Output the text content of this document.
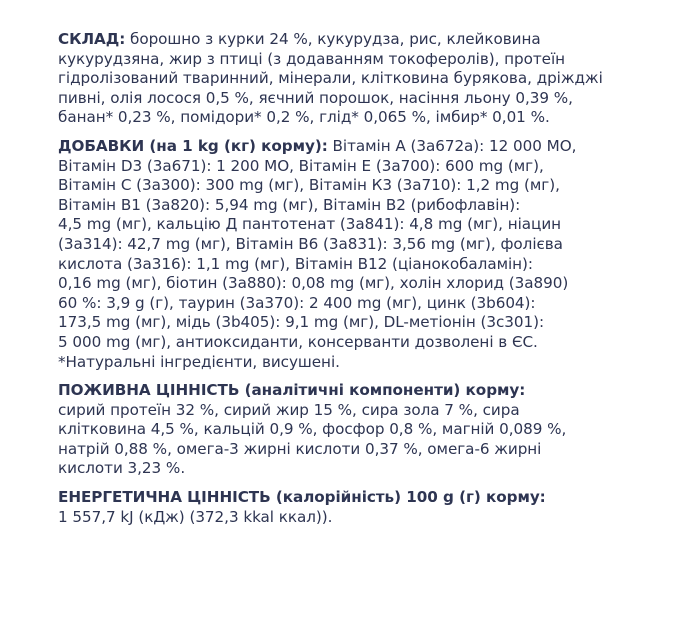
СКЛАД: борошно з курки 24 %, кукурудза, рис, клейковина
кукурудзяна, жир з птиці (з додаванням токоферолів), протеїн
гідролізований тваринний, мінерали, клітковина бурякова, дріжджі
пивні, олія лосося 0,5 %, яєчний порошок, насіння льону 0,39 %,
банан* 0,23 %, помідори* 0,2 %, глід* 0,065 %, імбир* 0,01 %.

ДОБАВКИ (на 1 kg (кг) корму): Вітамін А (3а672а): 12 000 МО,
Вітамін D3 (3а671): 1 200 МО, Вітамін Е (3а700): 600 mg (мг),
Вітамін С (3а300): 300 mg (мг), Вітамін К3 (3а710): 1,2 mg (мг),
Вітамін В1 (3а820): 5,94 mg (мг), Вітамін В2 (рибофлавін):
4,5 mg (мг), кальцію Д пантотенат (3а841): 4,8 mg (мг), ніацин
(3а314): 42,7 mg (мг), Вітамін В6 (3а831): 3,56 mg (мг), фолієва
кислота (3а316): 1,1 mg (мг), Вітамін В12 (ціанокобаламін):
0,16 mg (мг), біотин (3а880): 0,08 mg (мг), холін хлорид (3а890)
60 %: 3,9 g (г), таурин (3а370): 2 400 mg (мг), цинк (3b604):
173,5 mg (мг), мідь (3b405): 9,1 mg (мг), DL-метіонін (3c301):
5 000 mg (мг), антиоксиданти, консерванти дозволені в ЄС.
*Натуральні інгредієнти, висушені.

ПОЖИВНА ЦІННІСТЬ (аналітичні компоненти) корму:
сирий протеїн 32 %, сирий жир 15 %, сира зола 7 %, сира
клітковина 4,5 %, кальцій 0,9 %, фосфор 0,8 %, магній 0,089 %,
натрій 0,88 %, омега-3 жирні кислоти 0,37 %, омега-6 жирні
кислоти 3,23 %.

ЕНЕРГЕТИЧНА ЦІННІСТЬ (калорійність) 100 g (г) корму:
1 557,7 kJ (кДж) (372,3 kkal ккал)).
